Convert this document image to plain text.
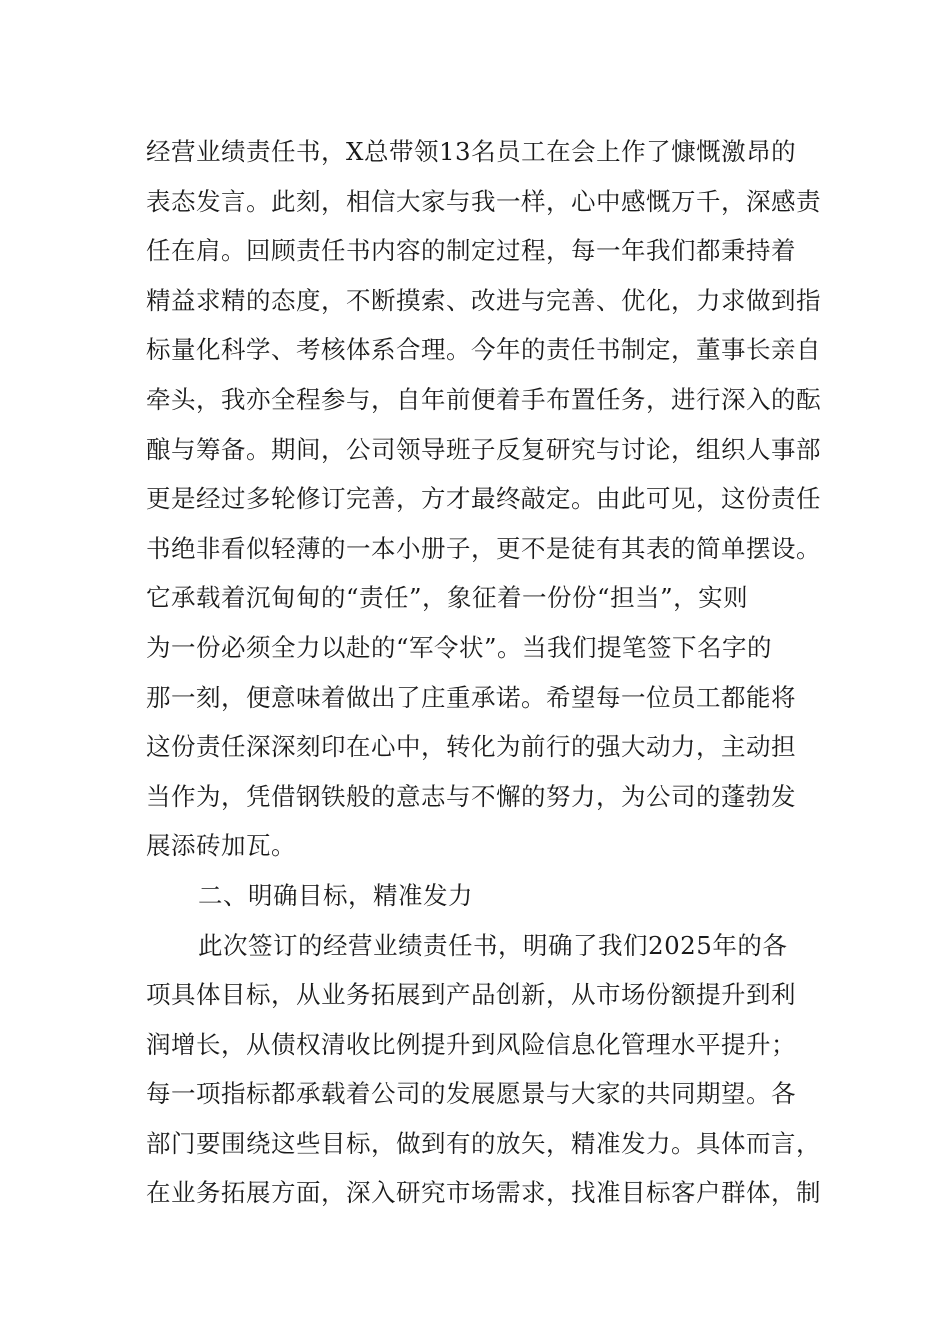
经营业绩责任书，X总带领13名员工在会上作了慷慨激昂的
表态发言。此刻，相信大家与我一样，心中感慨万千，深感责
任在肩。回顾责任书内容的制定过程，每一年我们都秉持着
精益求精的态度，不断摸索、改进与完善、优化，力求做到指
标量化科学、考核体系合理。今年的责任书制定，董事长亲自
牵头，我亦全程参与，自年前便着手布置任务，进行深入的酝
酿与筹备。期间，公司领导班子反复研究与讨论，组织人事部
更是经过多轮修订完善，方才最终敲定。由此可见，这份责任
书绝非看似轻薄的一本小册子，更不是徒有其表的简单摆设。
它承载着沉甸甸的“责任”，象征着一份份“担当”，实则
为一份必须全力以赴的“军令状”。当我们提笔签下名字的
那一刻，便意味着做出了庄重承诺。希望每一位员工都能将
这份责任深深刻印在心中，转化为前行的强大动力，主动担
当作为，凭借钢铁般的意志与不懈的努力，为公司的蓬勃发
展添砖加瓦。
二、明确目标，精准发力
此次签订的经营业绩责任书，明确了我们2025年的各
项具体目标，从业务拓展到产品创新，从市场份额提升到利
润增长，从债权清收比例提升到风险信息化管理水平提升；
每一项指标都承载着公司的发展愿景与大家的共同期望。各
部门要围绕这些目标，做到有的放矢，精准发力。具体而言，
在业务拓展方面，深入研究市场需求，找准目标客户群体，制
